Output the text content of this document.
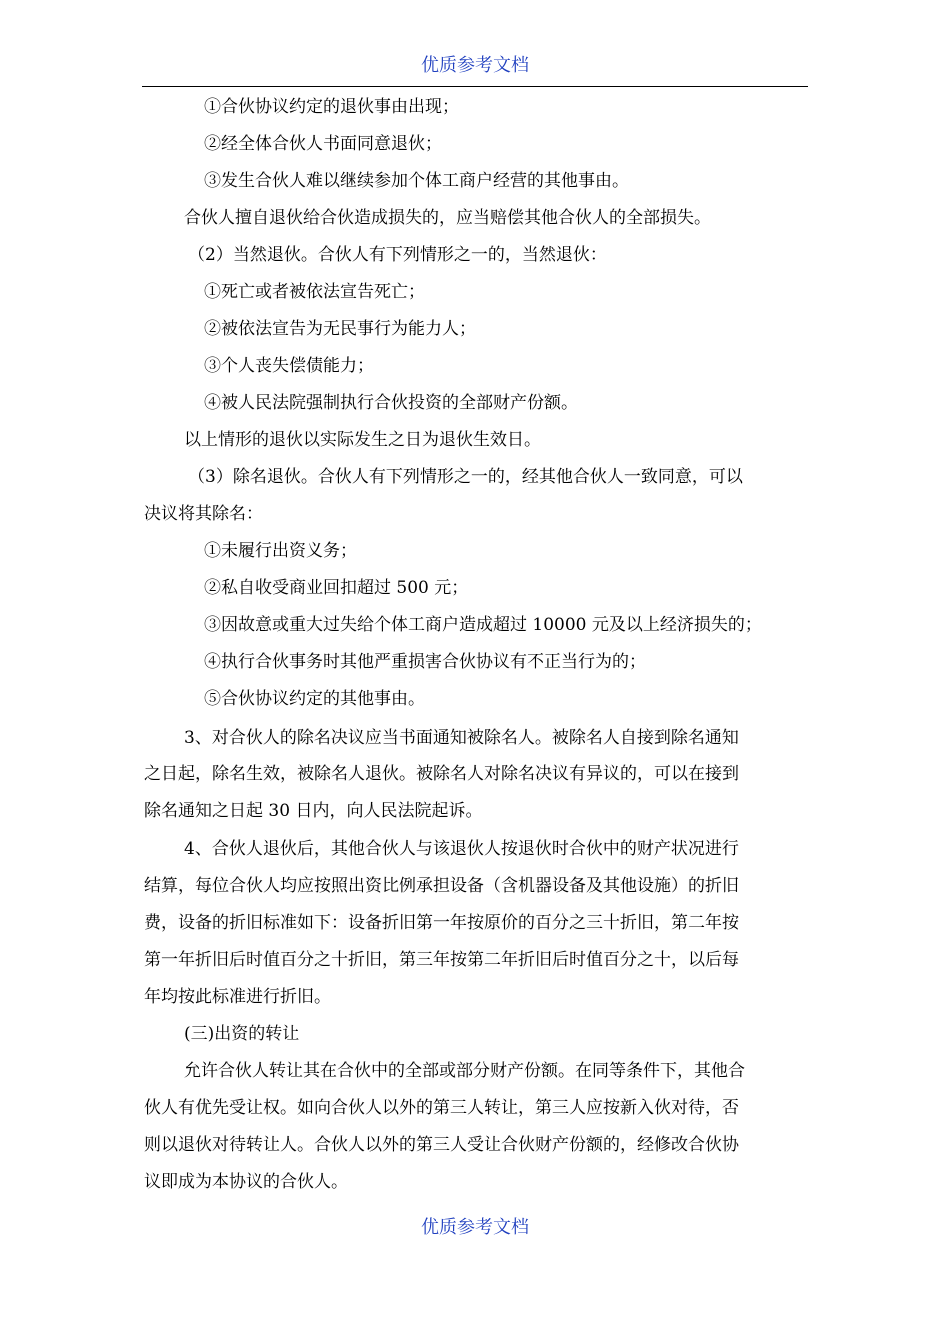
优质参考文档
①合伙协议约定的退伙事由出现；
②经全体合伙人书面同意退伙；
③发生合伙人难以继续参加个体工商户经营的其他事由。
合伙人擅自退伙给合伙造成损失的，应当赔偿其他合伙人的全部损失。
（2）当然退伙。合伙人有下列情形之一的，当然退伙：
①死亡或者被依法宣告死亡；
②被依法宣告为无民事行为能力人；
③个人丧失偿债能力；
④被人民法院强制执行合伙投资的全部财产份额。
以上情形的退伙以实际发生之日为退伙生效日。
（3）除名退伙。合伙人有下列情形之一的，经其他合伙人一致同意，可以
决议将其除名：
①未履行出资义务；
②私自收受商业回扣超过 500 元；
③因故意或重大过失给个体工商户造成超过 10000 元及以上经济损失的；
④执行合伙事务时其他严重损害合伙协议有不正当行为的；
⑤合伙协议约定的其他事由。
3、对合伙人的除名决议应当书面通知被除名人。被除名人自接到除名通知
之日起，除名生效，被除名人退伙。被除名人对除名决议有异议的，可以在接到
除名通知之日起 30 日内，向人民法院起诉。
4、合伙人退伙后，其他合伙人与该退伙人按退伙时合伙中的财产状况进行
结算，每位合伙人均应按照出资比例承担设备（含机器设备及其他设施）的折旧
费，设备的折旧标准如下：设备折旧第一年按原价的百分之三十折旧，第二年按
第一年折旧后时值百分之十折旧，第三年按第二年折旧后时值百分之十，以后每
年均按此标准进行折旧。
(三)出资的转让
允许合伙人转让其在合伙中的全部或部分财产份额。在同等条件下，其他合
伙人有优先受让权。如向合伙人以外的第三人转让，第三人应按新入伙对待，否
则以退伙对待转让人。合伙人以外的第三人受让合伙财产份额的，经修改合伙协
议即成为本协议的合伙人。
优质参考文档
